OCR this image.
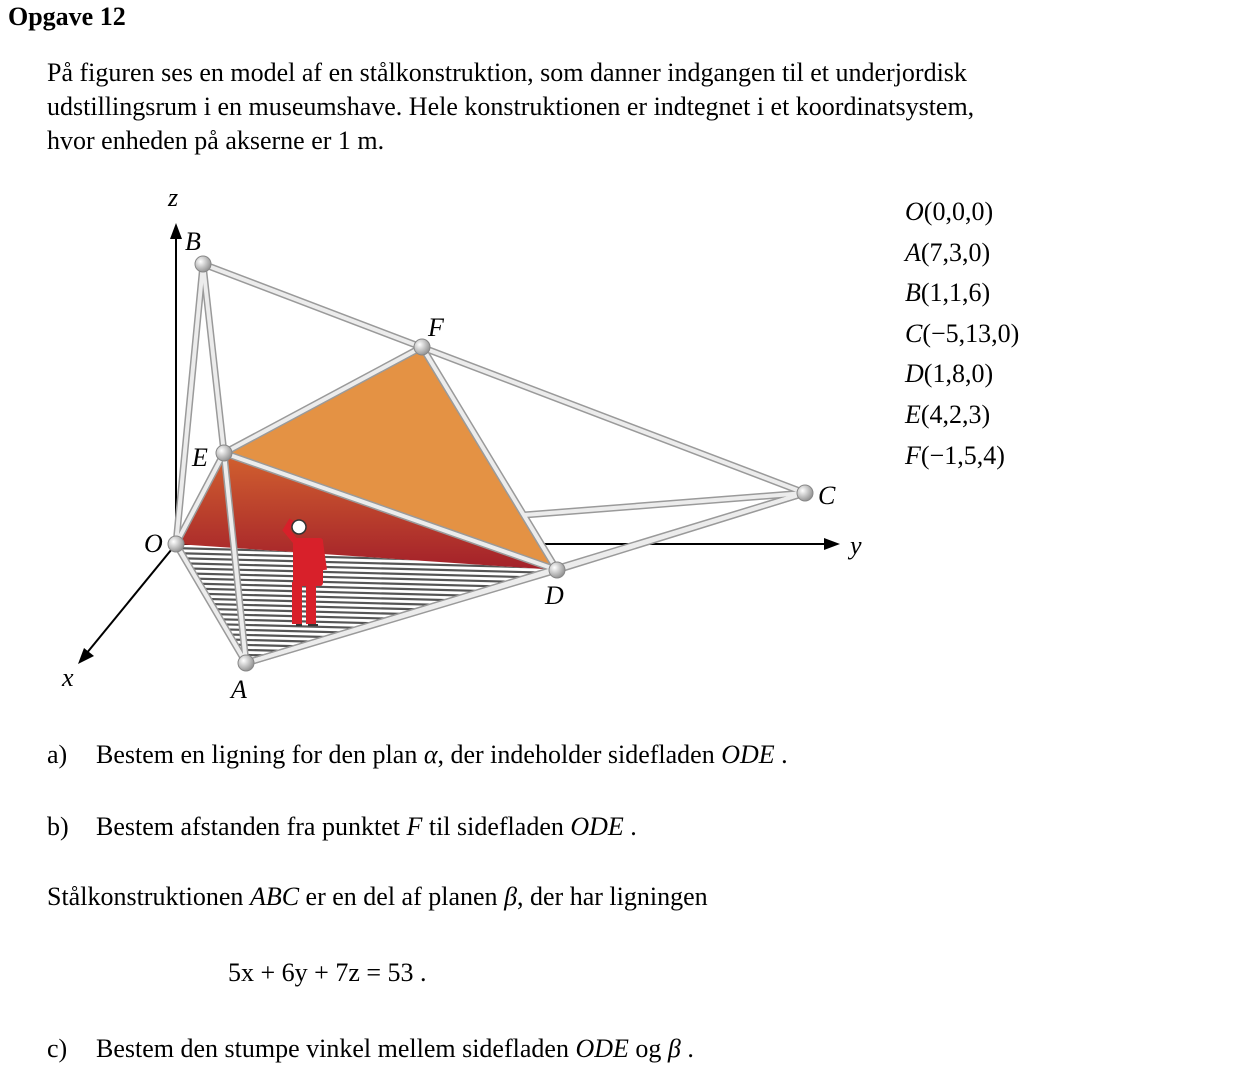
Opgave 12
På figuren ses en model af en stålkonstruktion, som danner indgangen til et underjordisk
udstillingsrum i en museumshave. Hele konstruktionen er indtegnet i et koordinatsystem,
hvor enheden på akserne er 1 m.
z
y
x
B
F
E
C
O
D
A
O(0,0,0)
A(7,3,0)
B(1,1,6)
C(−5,13,0)
D(1,8,0)
E(4,2,3)
F(−1,5,4)
a) Bestem en ligning for den plan α, der indeholder sidefladen ODE .
b) Bestem afstanden fra punktet F til sidefladen ODE .
Stålkonstruktionen ABC er en del af planen β, der har ligningen
5x + 6y + 7z = 53 .
c) Bestem den stumpe vinkel mellem sidefladen ODE og β .
